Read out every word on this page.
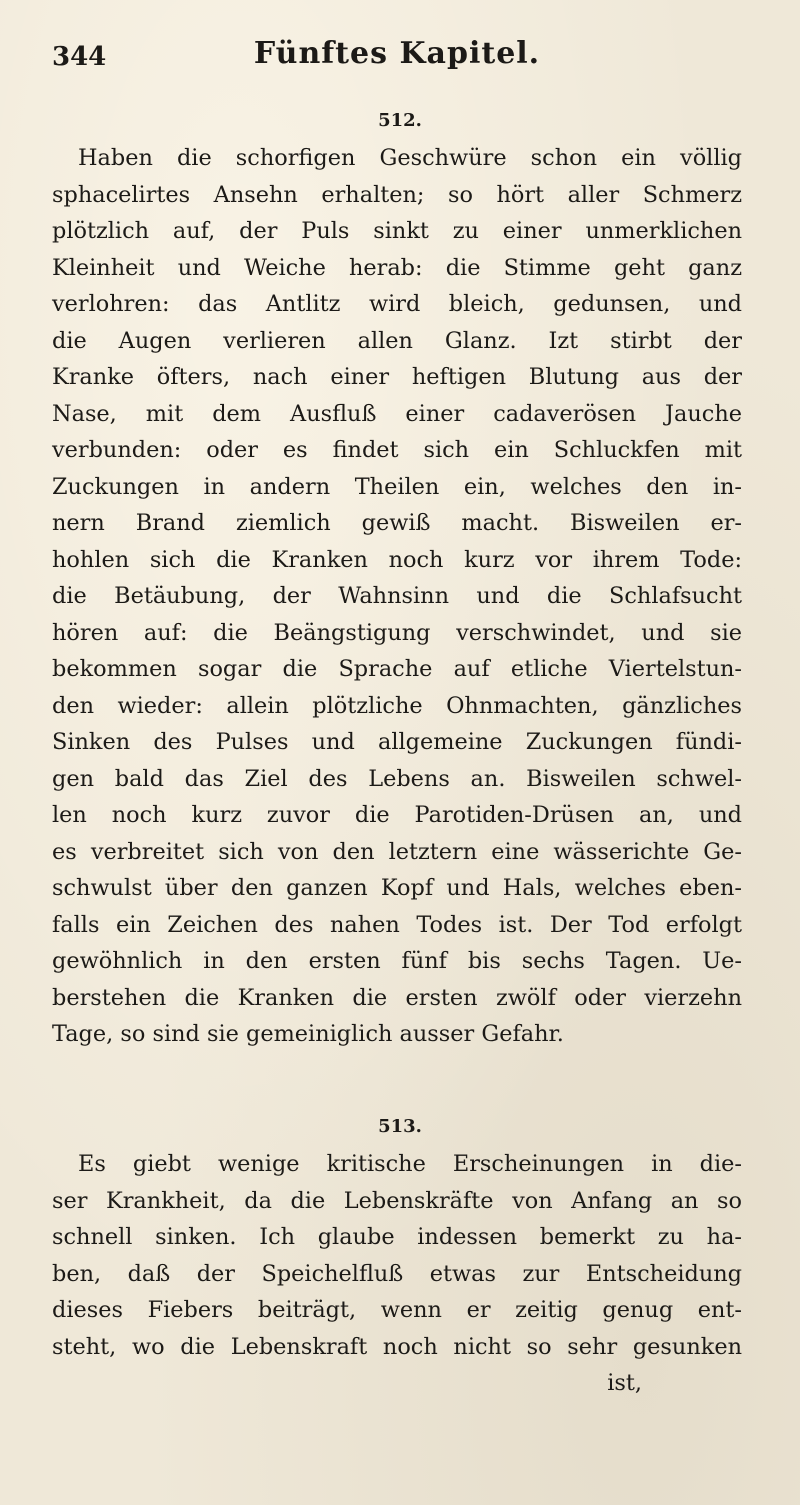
344	Fünftes Kapitel.
512.
Haben die schorfigen Geschwüre schon ein völlig
sphacelirtes Ansehn erhalten; so hört aller Schmerz
plötzlich auf, der Puls sinkt zu einer unmerklichen
Kleinheit und Weiche herab: die Stimme geht ganz
verlohren: das Antlitz wird bleich, gedunsen, und
die Augen verlieren allen Glanz. Izt stirbt der
Kranke öfters, nach einer heftigen Blutung aus der
Nase, mit dem Ausfluß einer cadaverösen Jauche
verbunden: oder es findet sich ein Schluckfen mit
Zuckungen in andern Theilen ein, welches den in-
nern Brand ziemlich gewiß macht. Bisweilen er-
hohlen sich die Kranken noch kurz vor ihrem Tode:
die Betäubung, der Wahnsinn und die Schlafsucht
hören auf: die Beängstigung verschwindet, und sie
bekommen sogar die Sprache auf etliche Viertelstun-
den wieder: allein plötzliche Ohnmachten, gänzliches
Sinken des Pulses und allgemeine Zuckungen fündi-
gen bald das Ziel des Lebens an. Bisweilen schwel-
len noch kurz zuvor die Parotiden-Drüsen an, und
es verbreitet sich von den letztern eine wässerichte Ge-
schwulst über den ganzen Kopf und Hals, welches eben-
falls ein Zeichen des nahen Todes ist. Der Tod erfolgt
gewöhnlich in den ersten fünf bis sechs Tagen. Ue-
berstehen die Kranken die ersten zwölf oder vierzehn
Tage, so sind sie gemeiniglich ausser Gefahr.
513.
Es giebt wenige kritische Erscheinungen in die-
ser Krankheit, da die Lebenskräfte von Anfang an so
schnell sinken. Ich glaube indessen bemerkt zu ha-
ben, daß der Speichelfluß etwas zur Entscheidung
dieses Fiebers beiträgt, wenn er zeitig genug ent-
steht, wo die Lebenskraft noch nicht so sehr gesunken
ist,
